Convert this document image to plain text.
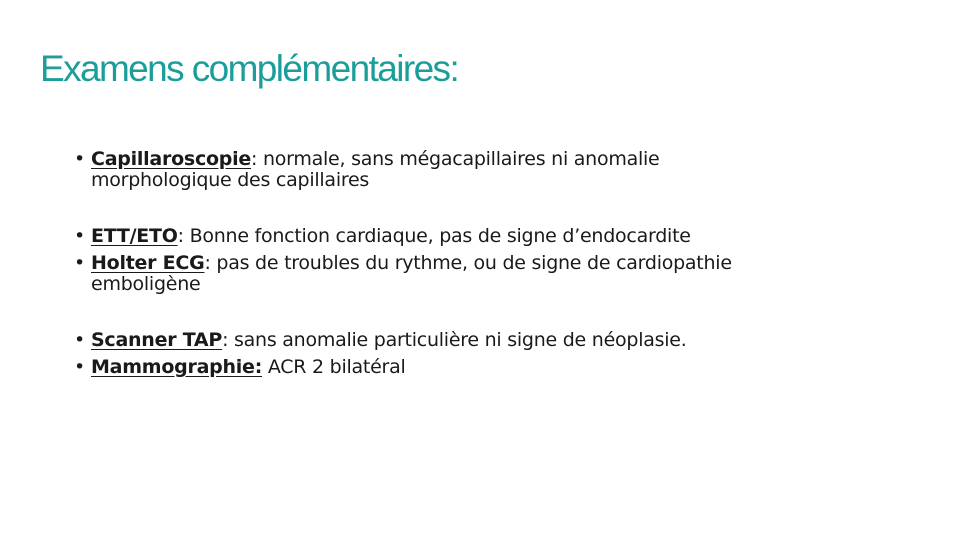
Examens complémentaires:
• Capillaroscopie: normale, sans mégacapillaires ni anomalie
morphologique des capillaires
• ETT/ETO: Bonne fonction cardiaque, pas de signe d’endocardite
• Holter ECG: pas de troubles du rythme, ou de signe de cardiopathie
emboligène
• Scanner TAP: sans anomalie particulière ni signe de néoplasie.
• Mammographie: ACR 2 bilatéral
